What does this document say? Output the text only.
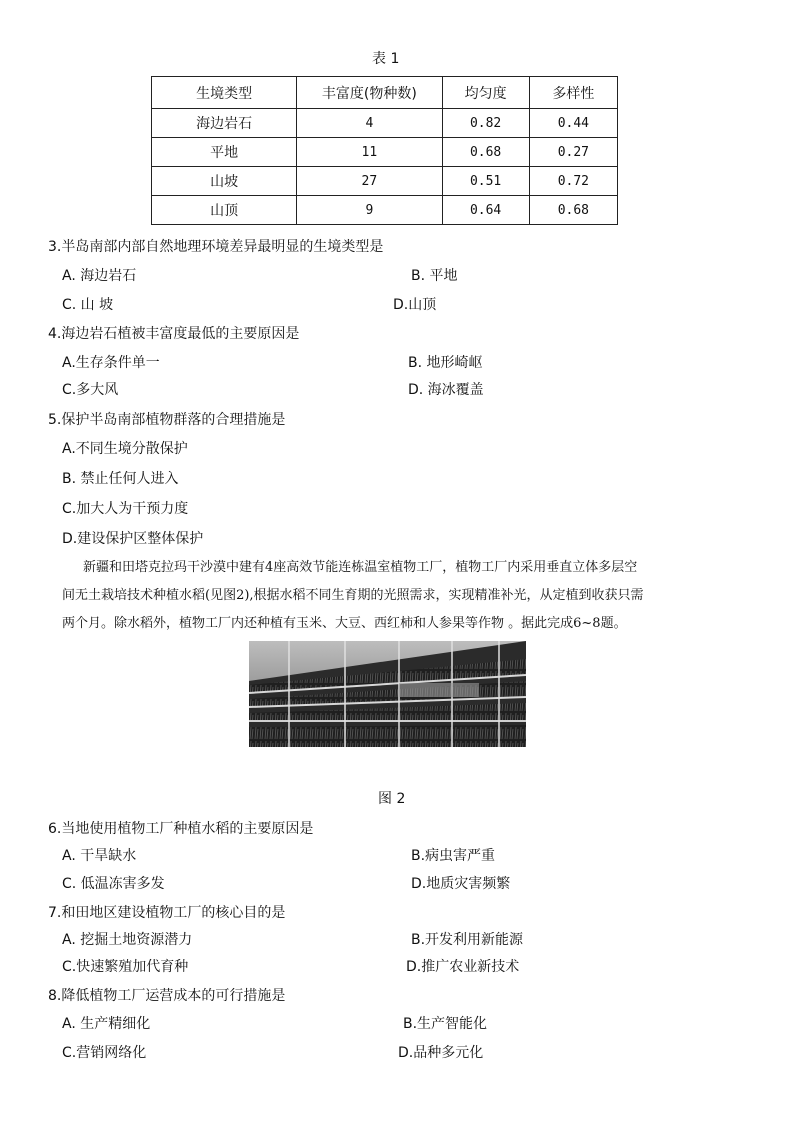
表 1
生境类型	丰富度(物种数)	均匀度	多样性
海边岩石	4	0.82	0.44
平地	11	0.68	0.27
山坡	27	0.51	0.72
山顶	9	0.64	0.68
3.半岛南部内部自然地理环境差异最明显的生境类型是
A. 海边岩石	B. 平地
C. 山 坡	D.山顶
4.海边岩石植被丰富度最低的主要原因是
A.生存条件单一	B. 地形崎岖
C.多大风	D. 海冰覆盖
5.保护半岛南部植物群落的合理措施是
A.不同生境分散保护
B. 禁止任何人进入
C.加大人为干预力度
D.建设保护区整体保护
新疆和田塔克拉玛干沙漠中建有4座高效节能连栋温室植物工厂，植物工厂内采用垂直立体多层空
间无土栽培技术种植水稻(见图2),根据水稻不同生育期的光照需求，实现精准补光，从定植到收获只需
两个月。除水稻外，植物工厂内还种植有玉米、大豆、西红柿和人参果等作物 。据此完成6~8题。
图 2
6.当地使用植物工厂种植水稻的主要原因是
A. 干旱缺水	B.病虫害严重
C. 低温冻害多发	D.地质灾害频繁
7.和田地区建设植物工厂的核心目的是
A. 挖掘土地资源潜力	B.开发利用新能源
C.快速繁殖加代育种	D.推广农业新技术
8.降低植物工厂运营成本的可行措施是
A. 生产精细化	B.生产智能化
C.营销网络化	D.品种多元化
